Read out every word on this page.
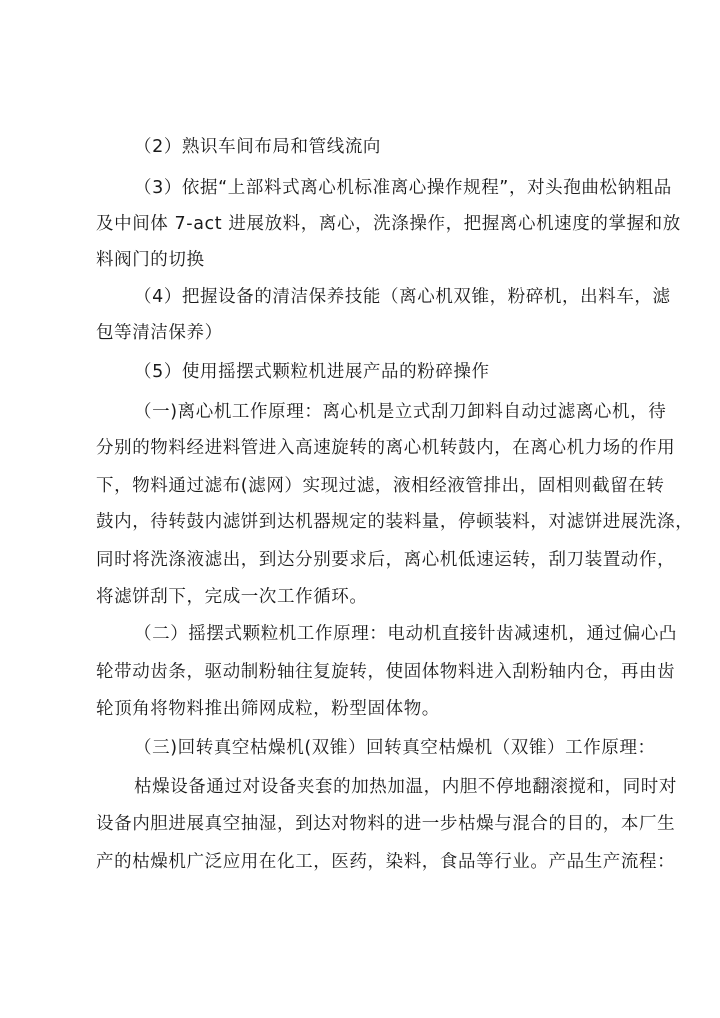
（2）熟识车间布局和管线流向
（3）依据“上部料式离心机标准离心操作规程”，对头孢曲松钠粗品
及中间体 7-act 进展放料，离心，洗涤操作，把握离心机速度的掌握和放
料阀门的切换
（4）把握设备的清洁保养技能（离心机双锥，粉碎机，出料车，滤
包等清洁保养）
（5）使用摇摆式颗粒机进展产品的粉碎操作
（一)离心机工作原理：离心机是立式刮刀卸料自动过滤离心机，待
分别的物料经进料管进入高速旋转的离心机转鼓内，在离心机力场的作用
下，物料通过滤布(滤网）实现过滤，液相经液管排出，固相则截留在转
鼓内，待转鼓内滤饼到达机器规定的装料量，停顿装料，对滤饼进展洗涤，
同时将洗涤液滤出，到达分别要求后，离心机低速运转，刮刀装置动作，
将滤饼刮下，完成一次工作循环。
（二）摇摆式颗粒机工作原理：电动机直接针齿减速机，通过偏心凸
轮带动齿条，驱动制粉轴往复旋转，使固体物料进入刮粉轴内仓，再由齿
轮顶角将物料推出筛网成粒，粉型固体物。
（三)回转真空枯燥机(双锥）回转真空枯燥机（双锥）工作原理：
枯燥设备通过对设备夹套的加热加温，内胆不停地翻滚搅和，同时对
设备内胆进展真空抽湿，到达对物料的进一步枯燥与混合的目的，本厂生
产的枯燥机广泛应用在化工，医药，染料，食品等行业。产品生产流程：
